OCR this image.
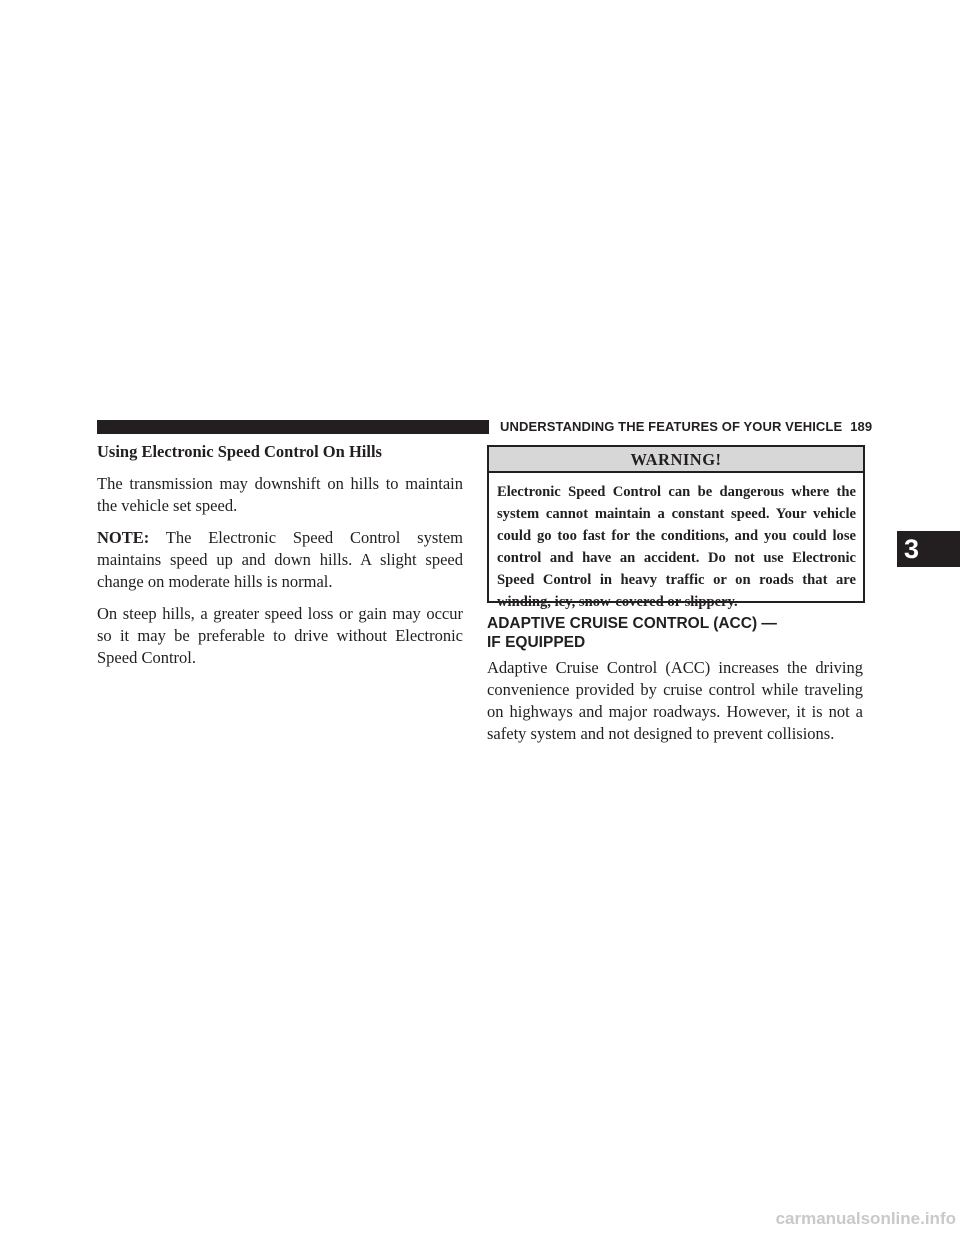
UNDERSTANDING THE FEATURES OF YOUR VEHICLE 189
Using Electronic Speed Control On Hills

The transmission may downshift on hills to maintain the vehicle set speed.

NOTE: The Electronic Speed Control system maintains speed up and down hills. A slight speed change on moderate hills is normal.

On steep hills, a greater speed loss or gain may occur so it may be preferable to drive without Electronic Speed Control.

WARNING!
Electronic Speed Control can be dangerous where the system cannot maintain a constant speed. Your vehicle could go too fast for the conditions, and you could lose control and have an accident. Do not use Electronic Speed Control in heavy traffic or on roads that are winding, icy, snow-covered or slippery.
ADAPTIVE CRUISE CONTROL (ACC) —
IF EQUIPPED

Adaptive Cruise Control (ACC) increases the driving convenience provided by cruise control while traveling on highways and major roadways. However, it is not a safety system and not designed to prevent collisions.

3
carmanualsonline.info
